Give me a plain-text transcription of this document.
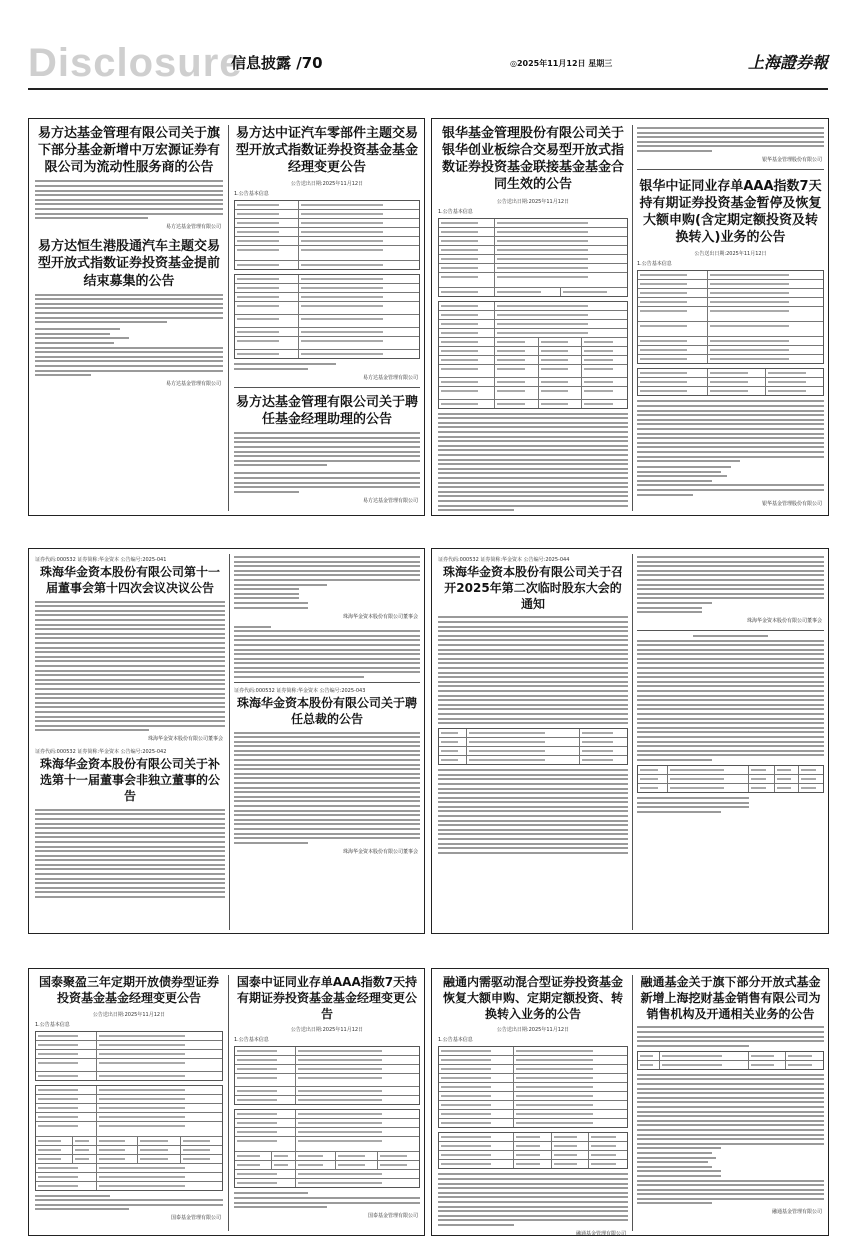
Disclosure
信息披露 /70	◎2025年11月12日 星期三	上海證券報
易方达基金管理有限公司关于旗下部分基金新增中万宏源证券有限公司为流动性服务商的公告
易方达基金管理有限公司
易方达恒生港股通汽车主题交易型开放式指数证券投资基金提前结束募集的公告
易方达基金管理有限公司
易方达中证汽车零部件主题交易型开放式指数证券投资基金基金经理变更公告
公告送出日期:2025年11月12日
1.公告基本信息
易方达基金管理有限公司
易方达基金管理有限公司关于聘任基金经理助理的公告
易方达基金管理有限公司
银华基金管理股份有限公司关于银华创业板综合交易型开放式指数证券投资基金联接基金基金合同生效的公告
公告送出日期:2025年11月12日
1.公告基本信息
银华基金管理股份有限公司
银华中证同业存单AAA指数7天持有期证券投资基金暂停及恢复大额申购(含定期定额投资及转换转入)业务的公告
公告送出日期:2025年11月12日
1.公告基本信息
银华基金管理股份有限公司
证券代码:000532 证券简称:华金资本 公告编号:2025-041
珠海华金资本股份有限公司第十一届董事会第十四次会议决议公告
珠海华金资本股份有限公司董事会
证券代码:000532 证券简称:华金资本 公告编号:2025-042
珠海华金资本股份有限公司关于补选第十一届董事会非独立董事的公告
珠海华金资本股份有限公司董事会
证券代码:000532 证券简称:华金资本 公告编号:2025-043
珠海华金资本股份有限公司关于聘任总裁的公告
珠海华金资本股份有限公司董事会
证券代码:000532 证券简称:华金资本 公告编号:2025-044
珠海华金资本股份有限公司关于召开2025年第二次临时股东大会的通知
珠海华金资本股份有限公司董事会
国泰聚盈三年定期开放债券型证券投资基金基金经理变更公告
公告送出日期:2025年11月12日
1.公告基本信息
国泰基金管理有限公司
国泰中证同业存单AAA指数7天持有期证券投资基金基金经理变更公告
公告送出日期:2025年11月12日
1.公告基本信息
国泰基金管理有限公司
融通内需驱动混合型证券投资基金恢复大额申购、定期定额投资、转换转入业务的公告
公告送出日期:2025年11月12日
1.公告基本信息
融通基金管理有限公司
融通基金关于旗下部分开放式基金新增上海挖财基金销售有限公司为销售机构及开通相关业务的公告
融通基金管理有限公司
